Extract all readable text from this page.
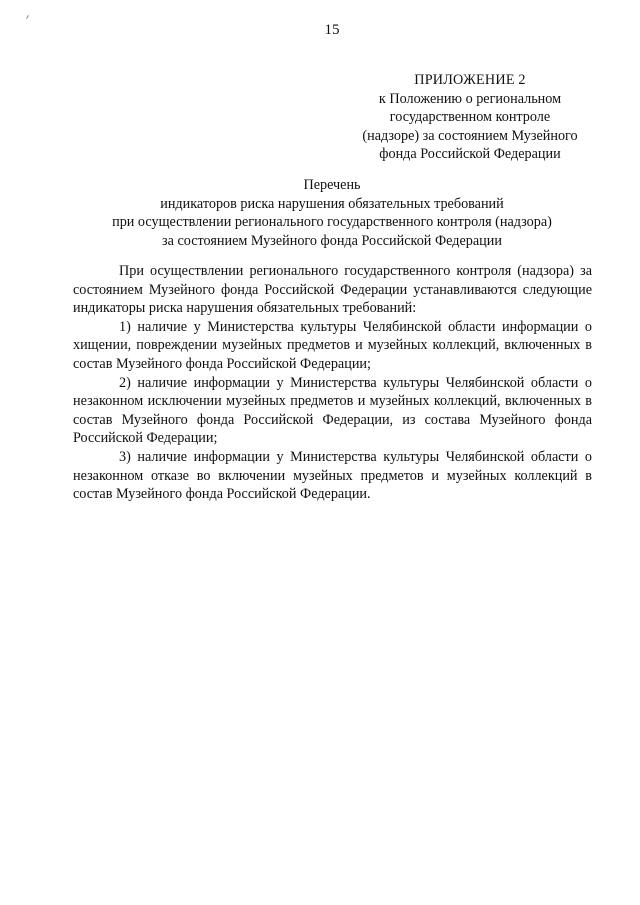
15
ПРИЛОЖЕНИЕ 2
к Положению о региональном
государственном контроле
(надзоре) за состоянием Музейного
фонда Российской Федерации
Перечень
индикаторов риска нарушения обязательных требований
при осуществлении регионального государственного контроля (надзора)
за состоянием Музейного фонда Российской Федерации

При осуществлении регионального государственного контроля (надзора) за состоянием Музейного фонда Российской Федерации устанавливаются следующие индикаторы риска нарушения обязательных требований:

1) наличие у Министерства культуры Челябинской области информации о хищении, повреждении музейных предметов и музейных коллекций, включенных в состав Музейного фонда Российской Федерации;

2) наличие информации у Министерства культуры Челябинской области о незаконном исключении музейных предметов и музейных коллекций, включенных в состав Музейного фонда Российской Федерации, из состава Музейного фонда Российской Федерации;

3) наличие информации у Министерства культуры Челябинской области о незаконном отказе во включении музейных предметов и музейных коллекций в состав Музейного фонда Российской Федерации.
